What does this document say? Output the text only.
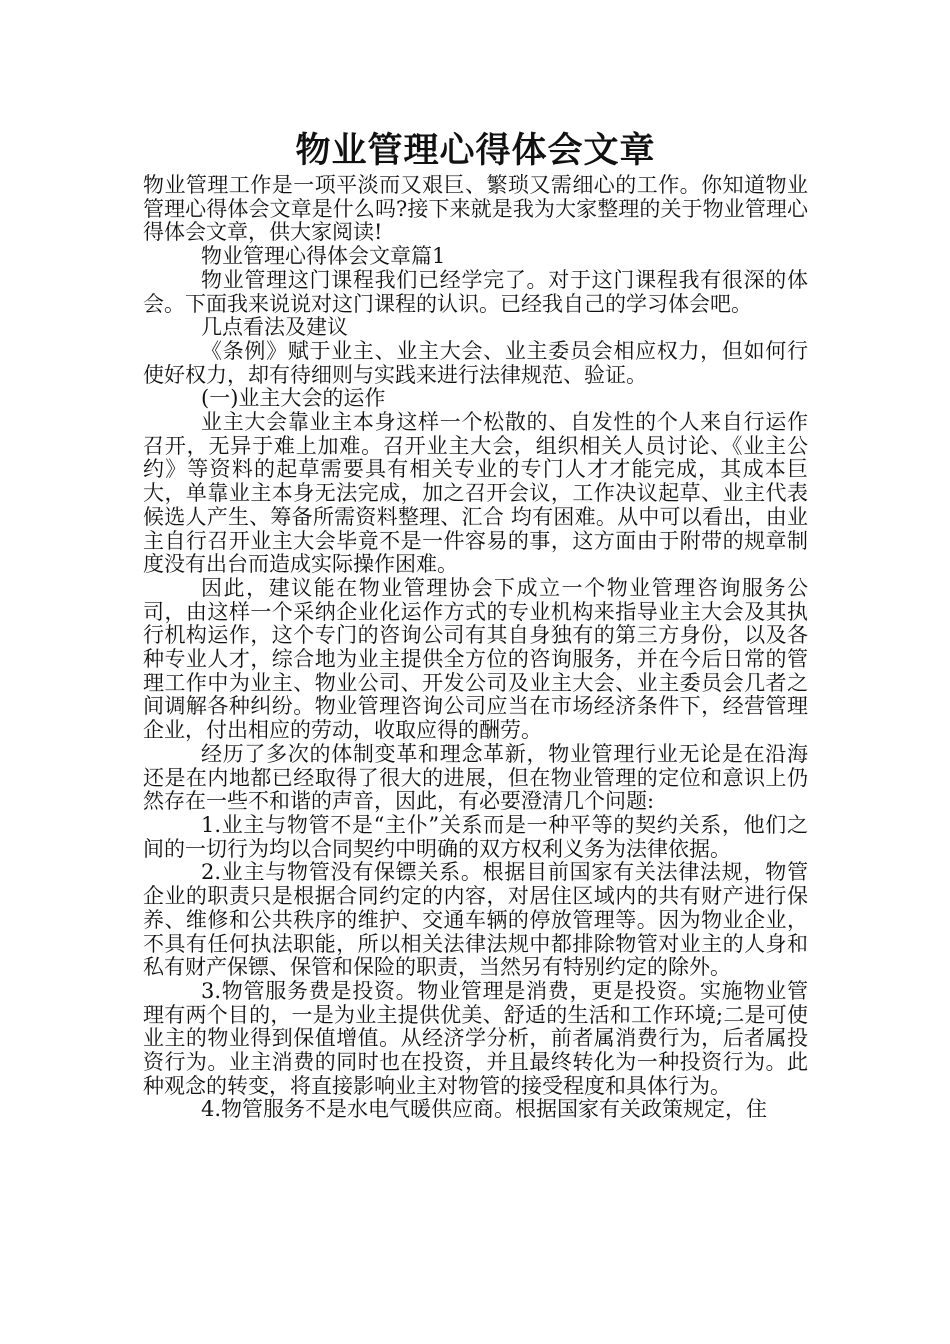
物业管理心得体会文章

物业管理工作是一项平淡而又艰巨、繁琐又需细心的工作。你知道物业管理心得体会文章是什么吗?接下来就是我为大家整理的关于物业管理心得体会文章，供大家阅读!

物业管理心得体会文章篇1

物业管理这门课程我们已经学完了。对于这门课程我有很深的体会。下面我来说说对这门课程的认识。已经我自己的学习体会吧。

几点看法及建议

《条例》赋于业主、业主大会、业主委员会相应权力，但如何行使好权力，却有待细则与实践来进行法律规范、验证。

(一)业主大会的运作

业主大会靠业主本身这样一个松散的、自发性的个人来自行运作召开，无异于难上加难。召开业主大会，组织相关人员讨论、《业主公约》等资料的起草需要具有相关专业的专门人才才能完成，其成本巨大，单靠业主本身无法完成，加之召开会议，工作决议起草、业主代表候选人产生、筹备所需资料整理、汇合 均有困难。从中可以看出，由业主自行召开业主大会毕竟不是一件容易的事，这方面由于附带的规章制度没有出台而造成实际操作困难。

因此，建议能在物业管理协会下成立一个物业管理咨询服务公司，由这样一个采纳企业化运作方式的专业机构来指导业主大会及其执行机构运作，这个专门的咨询公司有其自身独有的第三方身份，以及各种专业人才，综合地为业主提供全方位的咨询服务，并在今后日常的管理工作中为业主、物业公司、开发公司及业主大会、业主委员会几者之间调解各种纠纷。物业管理咨询公司应当在市场经济条件下，经营管理企业，付出相应的劳动，收取应得的酬劳。

经历了多次的体制变革和理念革新，物业管理行业无论是在沿海还是在内地都已经取得了很大的进展，但在物业管理的定位和意识上仍然存在一些不和谐的声音，因此，有必要澄清几个问题:

1.业主与物管不是“主仆”关系而是一种平等的契约关系，他们之间的一切行为均以合同契约中明确的双方权利义务为法律依据。

2.业主与物管没有保镖关系。根据目前国家有关法律法规，物管企业的职责只是根据合同约定的内容，对居住区域内的共有财产进行保养、维修和公共秩序的维护、交通车辆的停放管理等。因为物业企业，不具有任何执法职能，所以相关法律法规中都排除物管对业主的人身和私有财产保镖、保管和保险的职责，当然另有特别约定的除外。

3.物管服务费是投资。物业管理是消费，更是投资。实施物业管理有两个目的，一是为业主提供优美、舒适的生活和工作环境;二是可使业主的物业得到保值增值。从经济学分析，前者属消费行为，后者属投资行为。业主消费的同时也在投资，并且最终转化为一种投资行为。此种观念的转变，将直接影响业主对物管的接受程度和具体行为。

4.物管服务不是水电气暖供应商。根据国家有关政策规定，住
